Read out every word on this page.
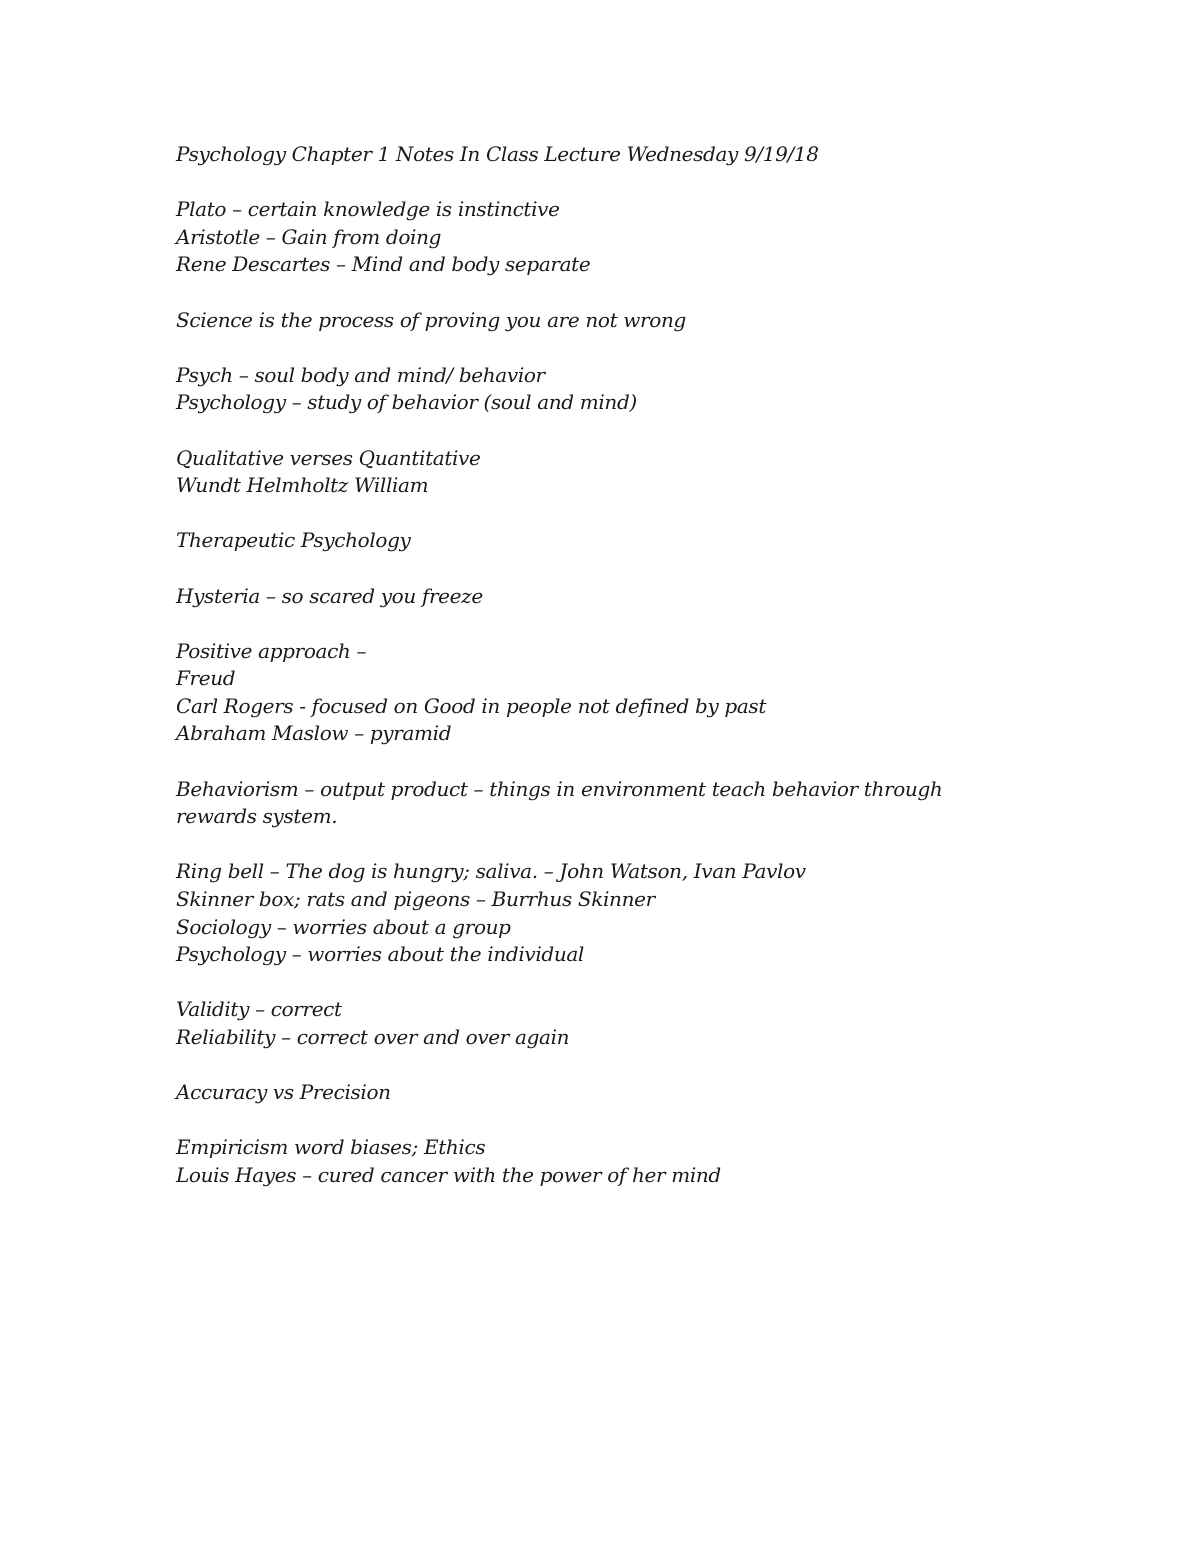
Psychology Chapter 1 Notes In Class Lecture Wednesday 9/19/18
Plato – certain knowledge is instinctive
Aristotle – Gain from doing
Rene Descartes – Mind and body separate
Science is the process of proving you are not wrong
Psych – soul body and mind/ behavior
Psychology – study of behavior (soul and mind)
Qualitative verses Quantitative
Wundt Helmholtz William
Therapeutic Psychology
Hysteria – so scared you freeze
Positive approach –
Freud
Carl Rogers - focused on Good in people not defined by past
Abraham Maslow – pyramid
Behaviorism – output product – things in environment teach behavior through
rewards system.
Ring bell – The dog is hungry; saliva. – John Watson, Ivan Pavlov
Skinner box; rats and pigeons – Burrhus Skinner
Sociology – worries about a group
Psychology – worries about the individual
Validity – correct
Reliability – correct over and over again
Accuracy vs Precision
Empiricism word biases; Ethics
Louis Hayes – cured cancer with the power of her mind
